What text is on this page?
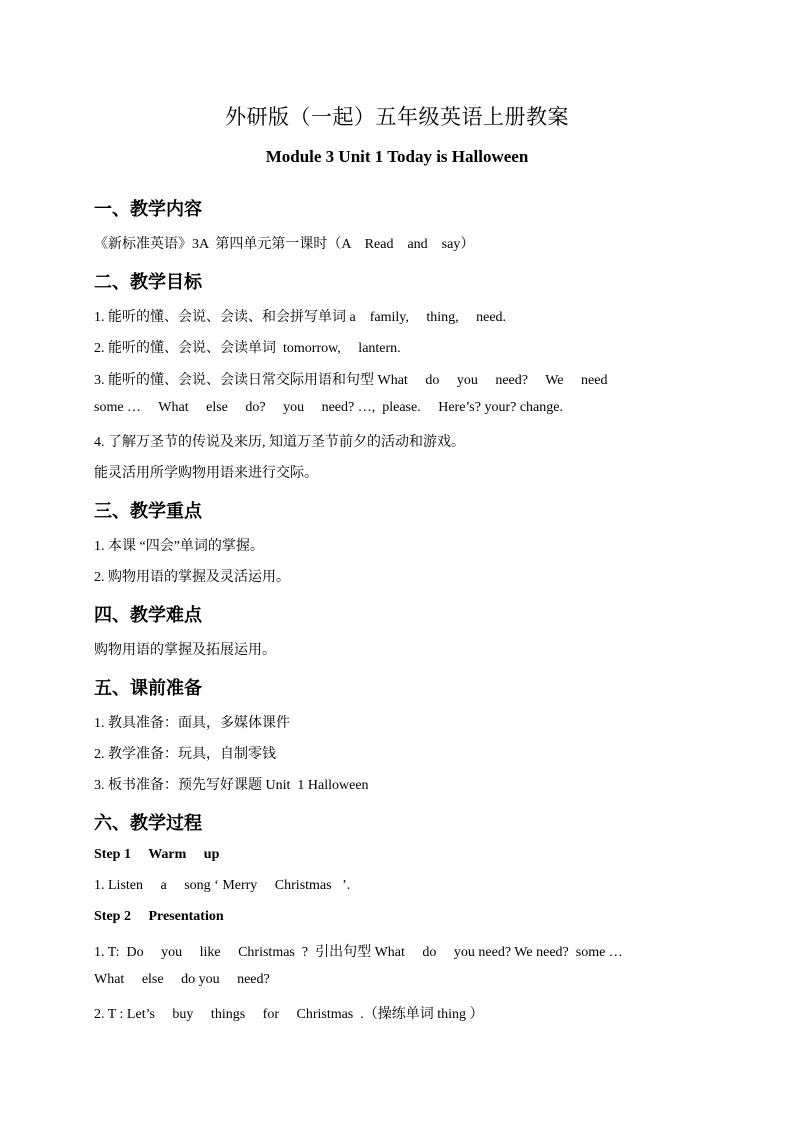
外研版（一起）五年级英语上册教案
Module 3 Unit 1 Today is Halloween
一、教学内容
《新标准英语》3A  第四单元第一课时（A    Read    and    say）
二、教学目标
1. 能听的懂、会说、会读、和会拼写单词 a    family,     thing,     need.
2. 能听的懂、会说、会读单词  tomorrow,     lantern.
3. 能听的懂、会说、会读日常交际用语和句型 What     do     you     need?     We     need
some …     What     else     do?     you     need? …,  please.     Here’s? your? change.
4. 了解万圣节的传说及来历, 知道万圣节前夕的活动和游戏。
能灵活用所学购物用语来进行交际。
三、教学重点
1. 本课 “四会”单词的掌握。
2. 购物用语的掌握及灵活运用。
四、教学难点
购物用语的掌握及拓展运用。
五、课前准备
1. 教具准备：面具，多媒体课件
2. 教学准备：玩具，自制零钱
3. 板书准备：预先写好课题 Unit  1 Halloween
六、教学过程
Step 1     Warm     up
1. Listen     a     song ‘ Merry     Christmas   ’.
Step 2     Presentation
1. T:  Do     you     like     Christmas  ?  引出句型 What     do     you need? We need?  some …
What     else     do you     need?
2. T : Let’s     buy     things     for     Christmas  .（操练单词 thing ）
